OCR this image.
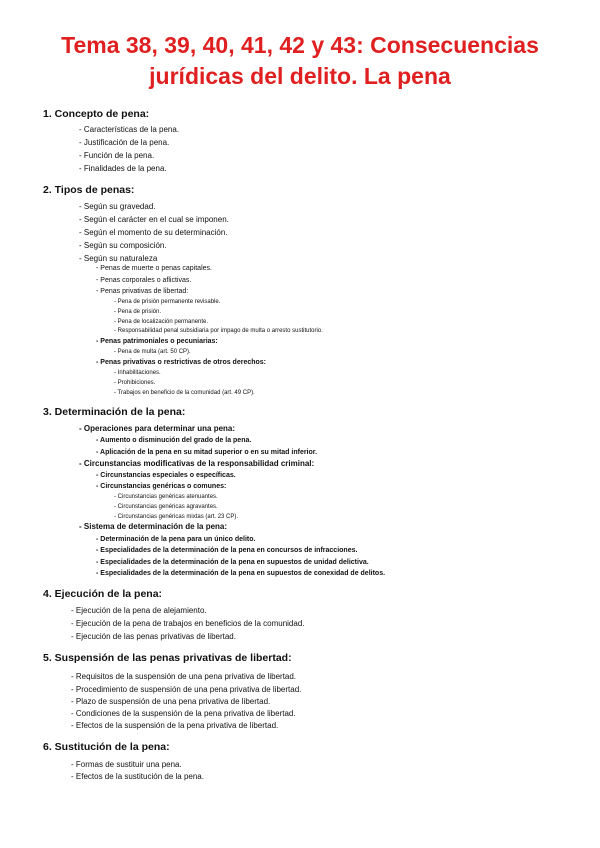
Tema 38, 39, 40, 41, 42 y 43: Consecuencias jurídicas del delito. La pena

1. Concepto de pena:

- Características de la pena.

- Justificación de la pena.

- Función de la pena.

- Finalidades de la pena.

2. Tipos de penas:

- Según su gravedad.

- Según el carácter en el cual se imponen.

- Según el momento de su determinación.

- Según su composición.

- Según su naturaleza

- Penas de muerte o penas capitales.

- Penas corporales o aflictivas.

- Penas privativas de libertad:

- Pena de prisión permanente revisable.

- Pena de prisión.

- Pena de localización permanente.

- Responsabilidad penal subsidiaria por impago de multa o arresto sustitutorio.

- Penas patrimoniales o pecuniarias:

- Pena de multa (art. 50 CP).

- Penas privativas o restrictivas de otros derechos:

- Inhabilitaciones.

- Prohibiciones.

- Trabajos en beneficio de la comunidad (art. 49 CP).

3. Determinación de la pena:

- Operaciones para determinar una pena:

- Aumento o disminución del grado de la pena.

- Aplicación de la pena en su mitad superior o en su mitad inferior.

- Circunstancias modificativas de la responsabilidad criminal:

- Circunstancias especiales o específicas.

- Circunstancias genéricas o comunes:

- Circunstancias genéricas atenuantes.

- Circunstancias genéricas agravantes.

- Circunstancias genéricas mixtas (art. 23 CP).

- Sistema de determinación de la pena:

- Determinación de la pena para un único delito.

- Especialidades de la determinación de la pena en concursos de infracciones.

- Especialidades de la determinación de la pena en supuestos de unidad delictiva.

- Especialidades de la determinación de la pena en supuestos de conexidad de delitos.

4. Ejecución de la pena:

- Ejecución de la pena de alejamiento.

- Ejecución de la pena de trabajos en beneficios de la comunidad.

- Ejecución de las penas privativas de libertad.

5. Suspensión de las penas privativas de libertad:

- Requisitos de la suspensión de una pena privativa de libertad.

- Procedimiento de suspensión de una pena privativa de libertad.

- Plazo de suspensión de una pena privativa de libertad.

- Condiciones de la suspensión de la pena privativa de libertad.

- Efectos de la suspensión de la pena privativa de libertad.

6. Sustitución de la pena:

- Formas de sustituir una pena.

- Efectos de la sustitución de la pena.
